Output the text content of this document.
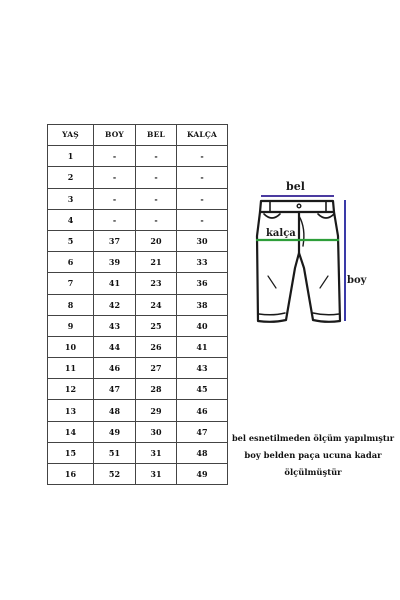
YAŞ	BOY	BEL	KALÇA
1	-	-	-
2	-	-	-
3	-	-	-
4	-	-	-
5	37	20	30
6	39	21	33
7	41	23	36
8	42	24	38
9	43	25	40
10	44	26	41
11	46	27	43
12	47	28	45
13	48	29	46
14	49	30	47
15	51	31	48
16	52	31	49
bel
kalça
boy
bel esnetilmeden ölçüm yapılmıştır
boy belden paça ucuna kadar
ölçülmüştür
